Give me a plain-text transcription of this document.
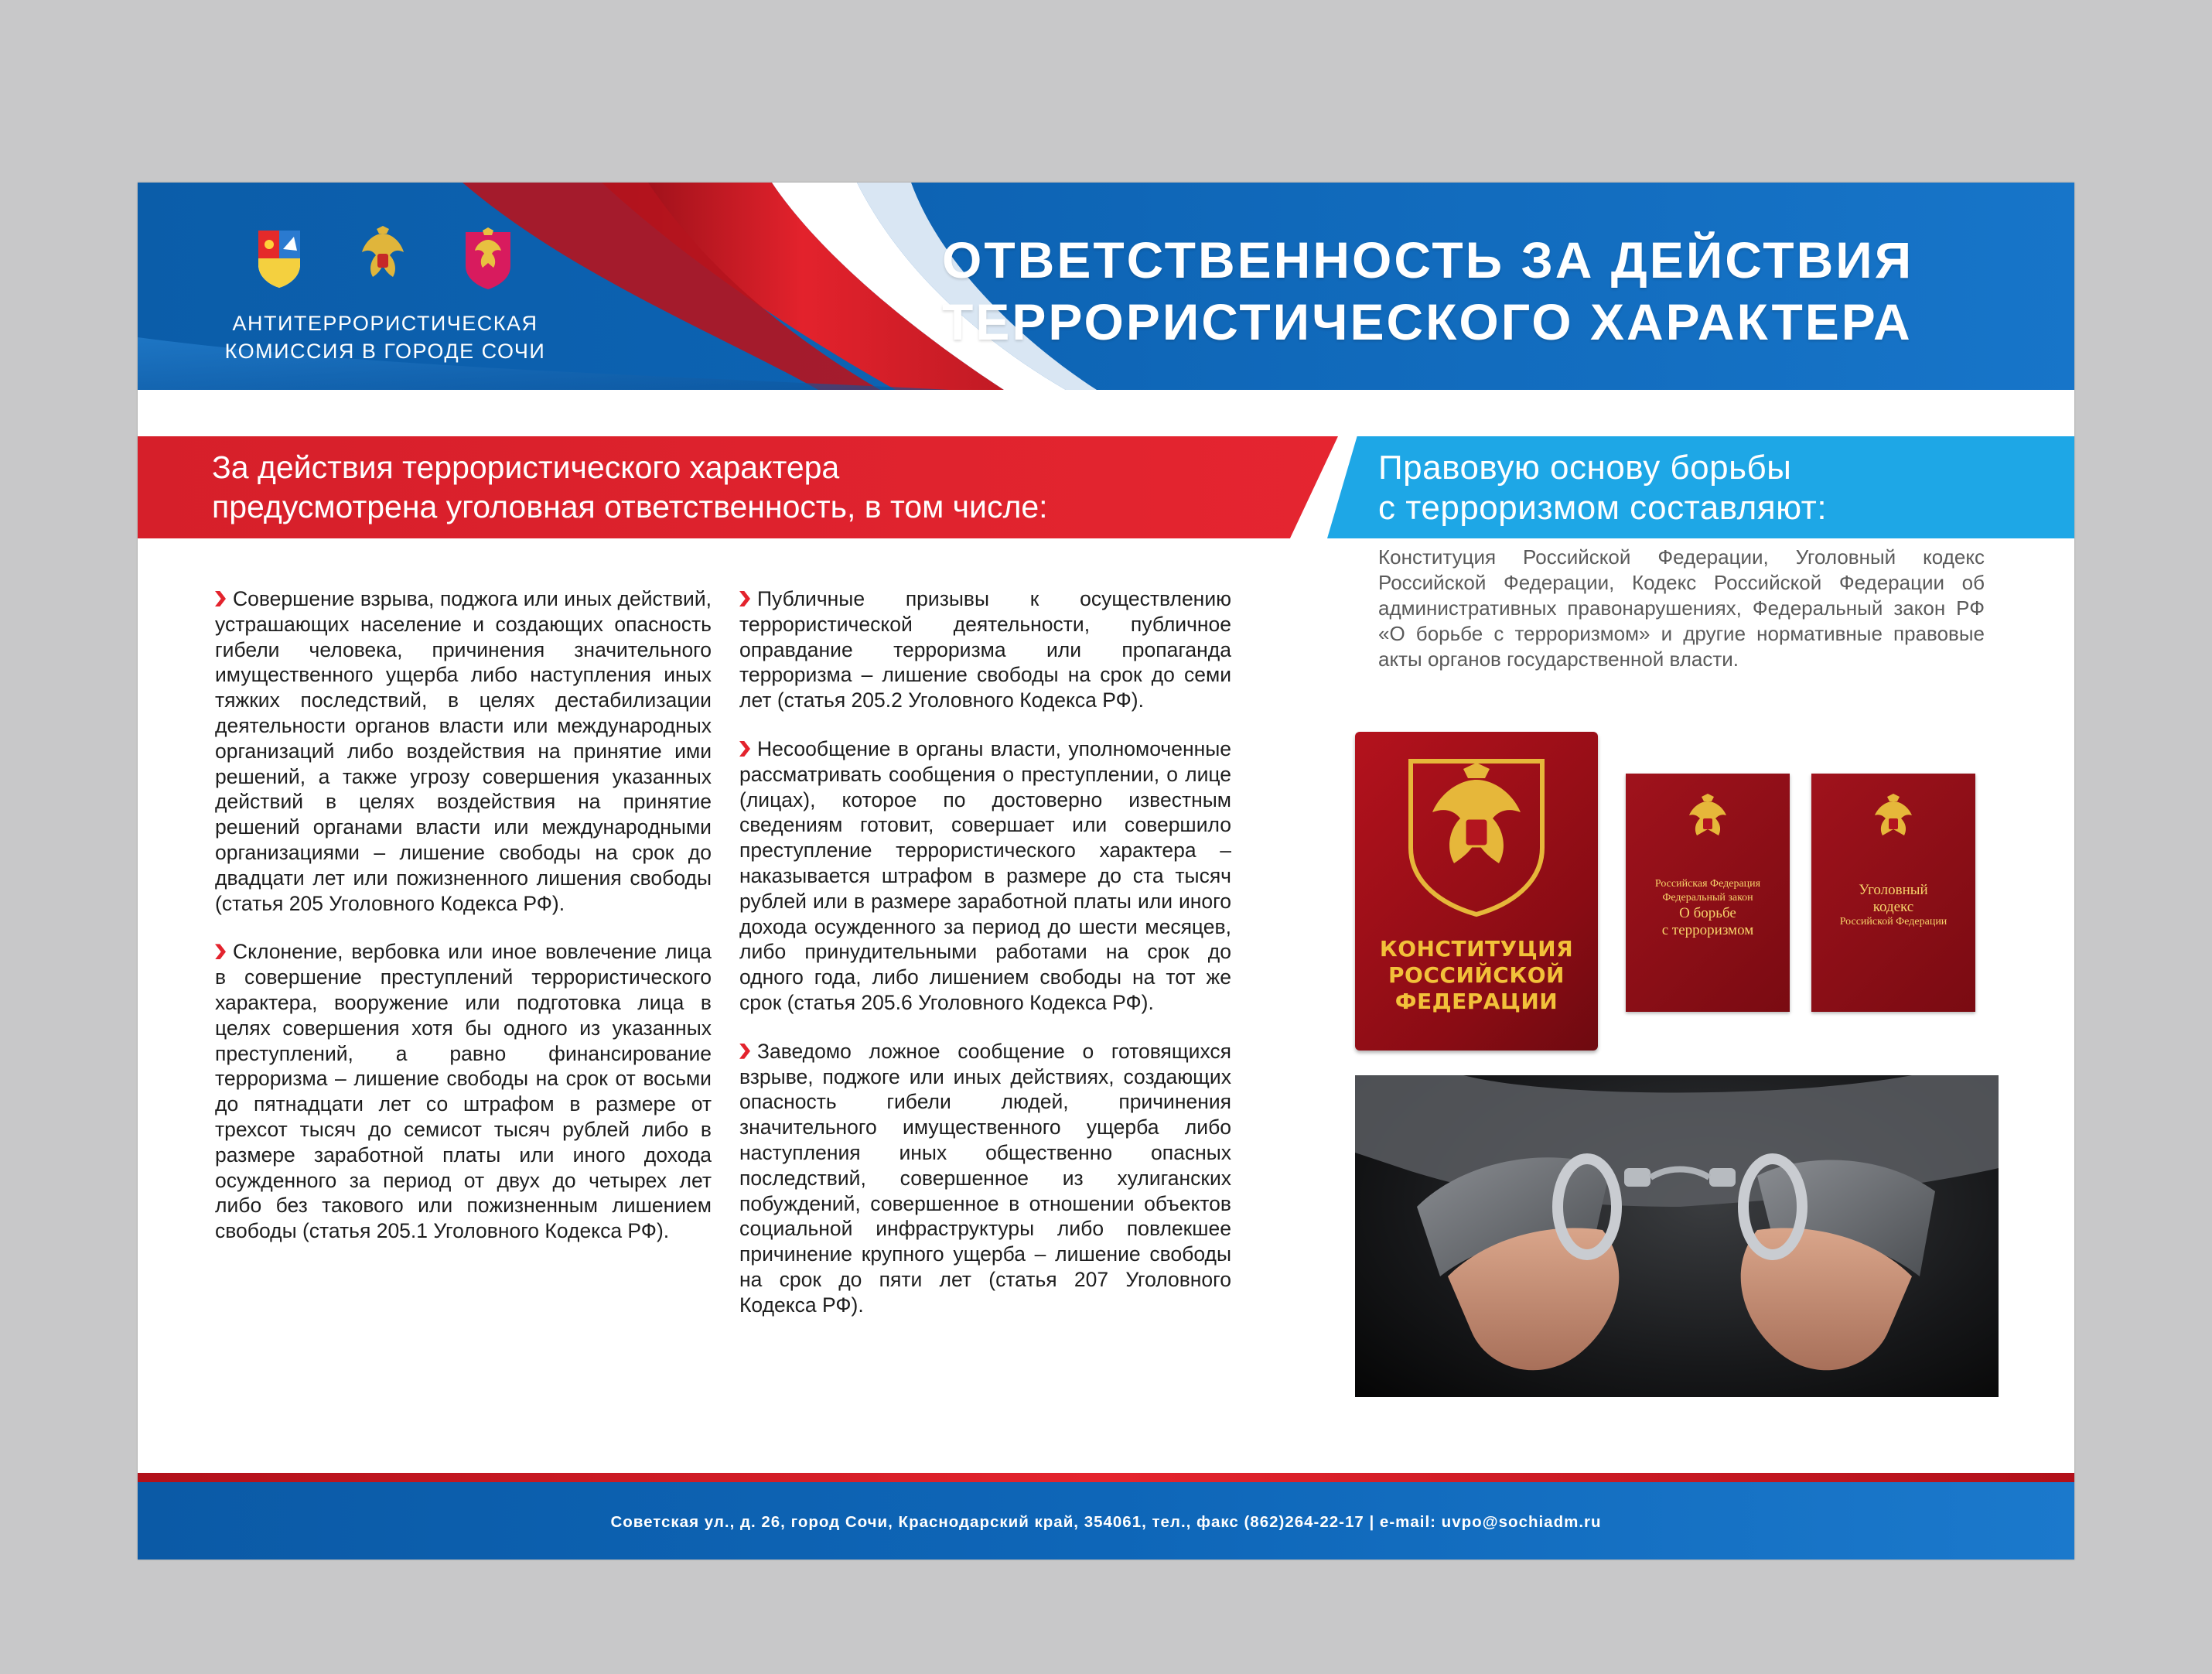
АНТИТЕРРОРИСТИЧЕСКАЯ
КОМИССИЯ В ГОРОДЕ СОЧИ
ОТВЕТСТВЕННОСТЬ ЗА ДЕЙСТВИЯ
ТЕРРОРИСТИЧЕСКОГО ХАРАКТЕРА
За действия террористического характера
предусмотрена уголовная ответственность, в том числе:
Правовую основу борьбы
с терроризмом составляют:

Совершение взрыва, поджога или иных действий, устрашающих население и создающих опасность гибели человека, причинения значительного имущественного ущерба либо наступления иных тяжких последствий, в целях дестабилизации деятельности органов власти или международных организаций либо воздействия на принятие ими решений, а также угрозу совершения указанных действий в целях воздействия на принятие решений органами власти или международными организациями – лишение свободы на срок до двадцати лет или пожизненного лишения свободы (статья 205 Уголовного Кодекса РФ).

Склонение, вербовка или иное вовлечение лица в совершение преступлений террористического характера, вооружение или подготовка лица в целях совершения хотя бы одного из указанных преступлений, а равно финансирование терроризма – лишение свободы на срок от восьми до пятнадцати лет со штрафом в размере от трехсот тысяч до семисот тысяч рублей либо в размере заработной платы или иного дохода осужденного за период от двух до четырех лет либо без такового или пожизненным лишением свободы (статья 205.1 Уголовного Кодекса РФ).

Публичные призывы к осуществлению террористической деятельности, публичное оправдание терроризма или пропаганда терроризма – лишение свободы на срок до семи лет (статья 205.2 Уголовного Кодекса РФ).

Несообщение в органы власти, уполномоченные рассматривать сообщения о преступлении, о лице (лицах), которое по достоверно известным сведениям готовит, совершает или совершило преступление террористического характера – наказывается штрафом в размере до ста тысяч рублей или в размере заработной платы или иного дохода осужденного за период до шести месяцев, либо принудительными работами на срок до одного года, либо лишением свободы на тот же срок (статья 205.6 Уголовного Кодекса РФ).

Заведомо ложное сообщение о готовящихся взрыве, поджоге или иных действиях, создающих опасность гибели людей, причинения значительного имущественного ущерба либо наступления иных общественно опасных последствий, совершенное из хулиганских побуждений, совершенное в отношении объектов социальной инфраструктуры либо повлекшее причинение крупного ущерба – лишение свободы на срок до пяти лет (статья 207 Уголовного Кодекса РФ).

Конституция Российской Федерации, Уголовный кодекс Российской Федерации, Кодекс Российской Федерации об административных правонарушениях, Федеральный закон РФ «О борьбе с терроризмом» и другие нормативные правовые акты органов государственной власти.
КОНСТИТУЦИЯ
РОССИЙСКОЙ
ФЕДЕРАЦИИ
Российская Федерация
Федеральный закон
О борьбе
с терроризмом
Уголовный
кодекс
Российской Федерации
Советская ул., д. 26, город Сочи, Краснодарский край, 354061, тел., факс (862)264-22-17 | e-mail: uvpo@sochiadm.ru
